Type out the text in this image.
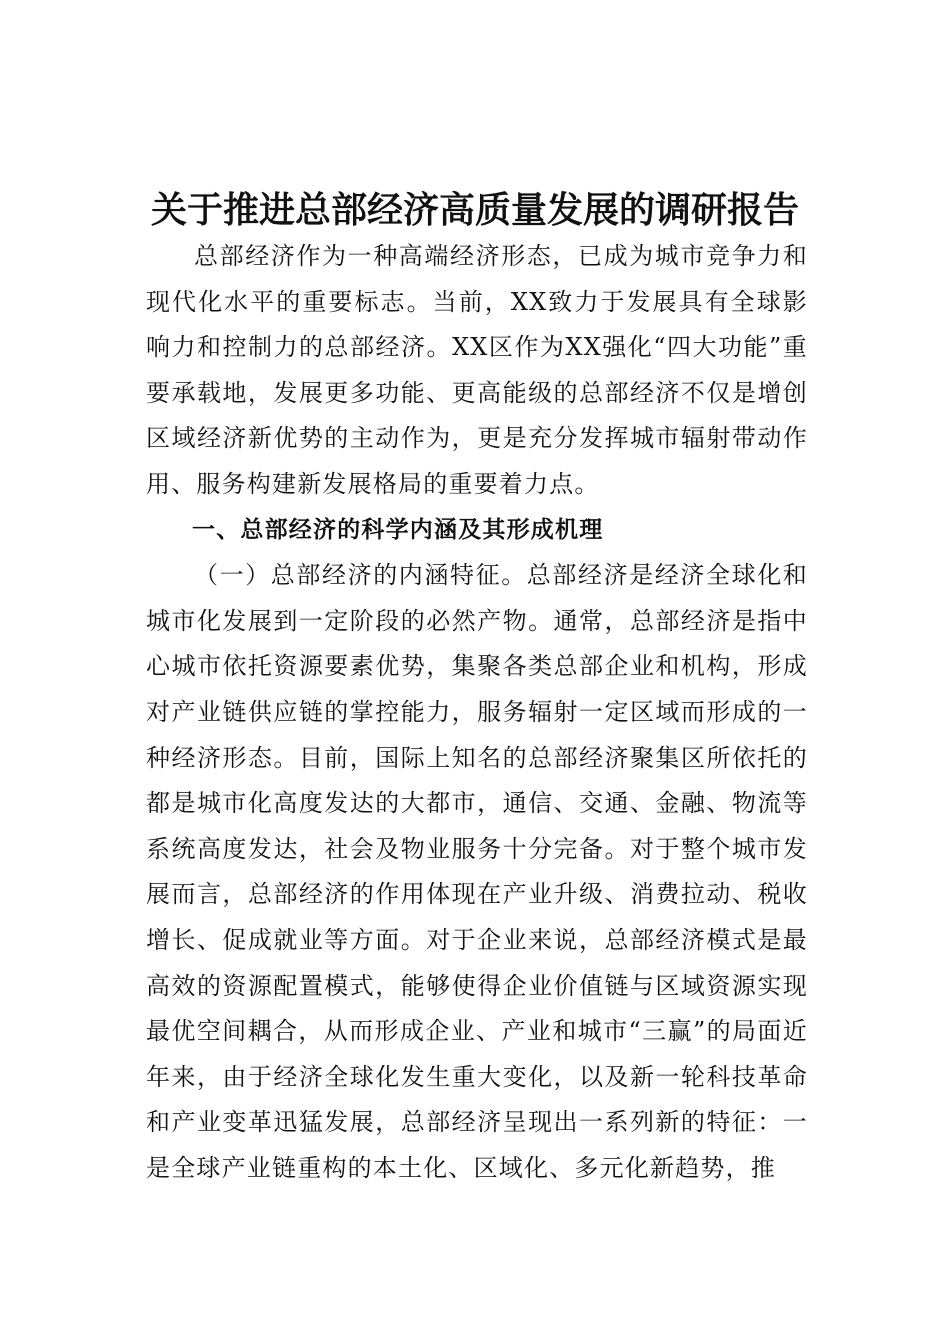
关于推进总部经济高质量发展的调研报告

总部经济作为一种高端经济形态，已成为城市竞争力和现代化水平的重要标志。当前，XX致力于发展具有全球影响力和控制力的总部经济。XX区作为XX强化“四大功能”重要承载地，发展更多功能、更高能级的总部经济不仅是增创区域经济新优势的主动作为，更是充分发挥城市辐射带动作用、服务构建新发展格局的重要着力点。

一、总部经济的科学内涵及其形成机理

（一）总部经济的内涵特征。总部经济是经济全球化和城市化发展到一定阶段的必然产物。通常，总部经济是指中心城市依托资源要素优势，集聚各类总部企业和机构，形成对产业链供应链的掌控能力，服务辐射一定区域而形成的一种经济形态。目前，国际上知名的总部经济聚集区所依托的都是城市化高度发达的大都市，通信、交通、金融、物流等系统高度发达，社会及物业服务十分完备。对于整个城市发展而言，总部经济的作用体现在产业升级、消费拉动、税收增长、促成就业等方面。对于企业来说，总部经济模式是最高效的资源配置模式，能够使得企业价值链与区域资源实现最优空间耦合，从而形成企业、产业和城市“三赢”的局面近年来，由于经济全球化发生重大变化，以及新一轮科技革命和产业变革迅猛发展，总部经济呈现出一系列新的特征：一是全球产业链重构的本土化、区域化、多元化新趋势，推
